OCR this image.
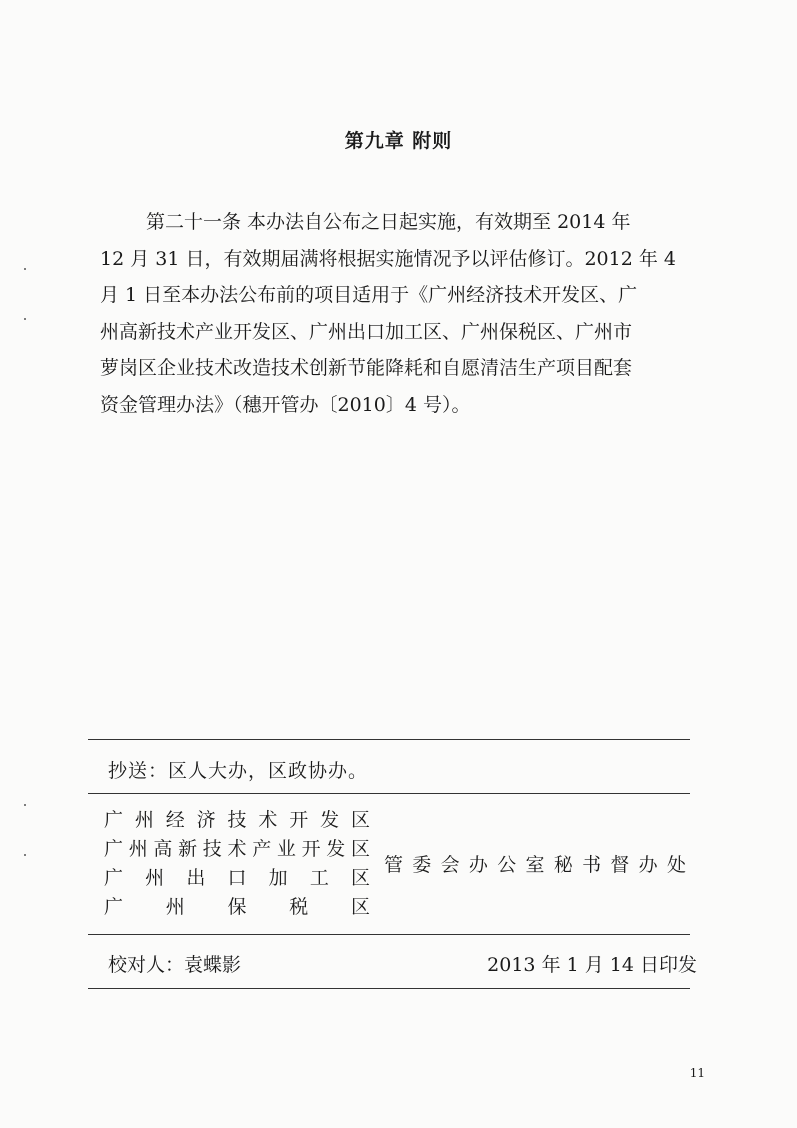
第九章 附则
第二十一条 本办法自公布之日起实施，有效期至 2014 年
12 月 31 日，有效期届满将根据实施情况予以评估修订。2012 年 4
月 1 日至本办法公布前的项目适用于《广州经济技术开发区、广
州高新技术产业开发区、广州出口加工区、广州保税区、广州市
萝岗区企业技术改造技术创新节能降耗和自愿清洁生产项目配套
资金管理办法》（穗开管办〔2010〕4 号）。
抄送：区人大办，区政协办。
广州经济技术开发区
广州高新技术产业开发区
广州出口加工区
广州保税区
管委会办公室秘书督办处
校对人：袁蝶影	2013 年 1 月 14 日印发
11
